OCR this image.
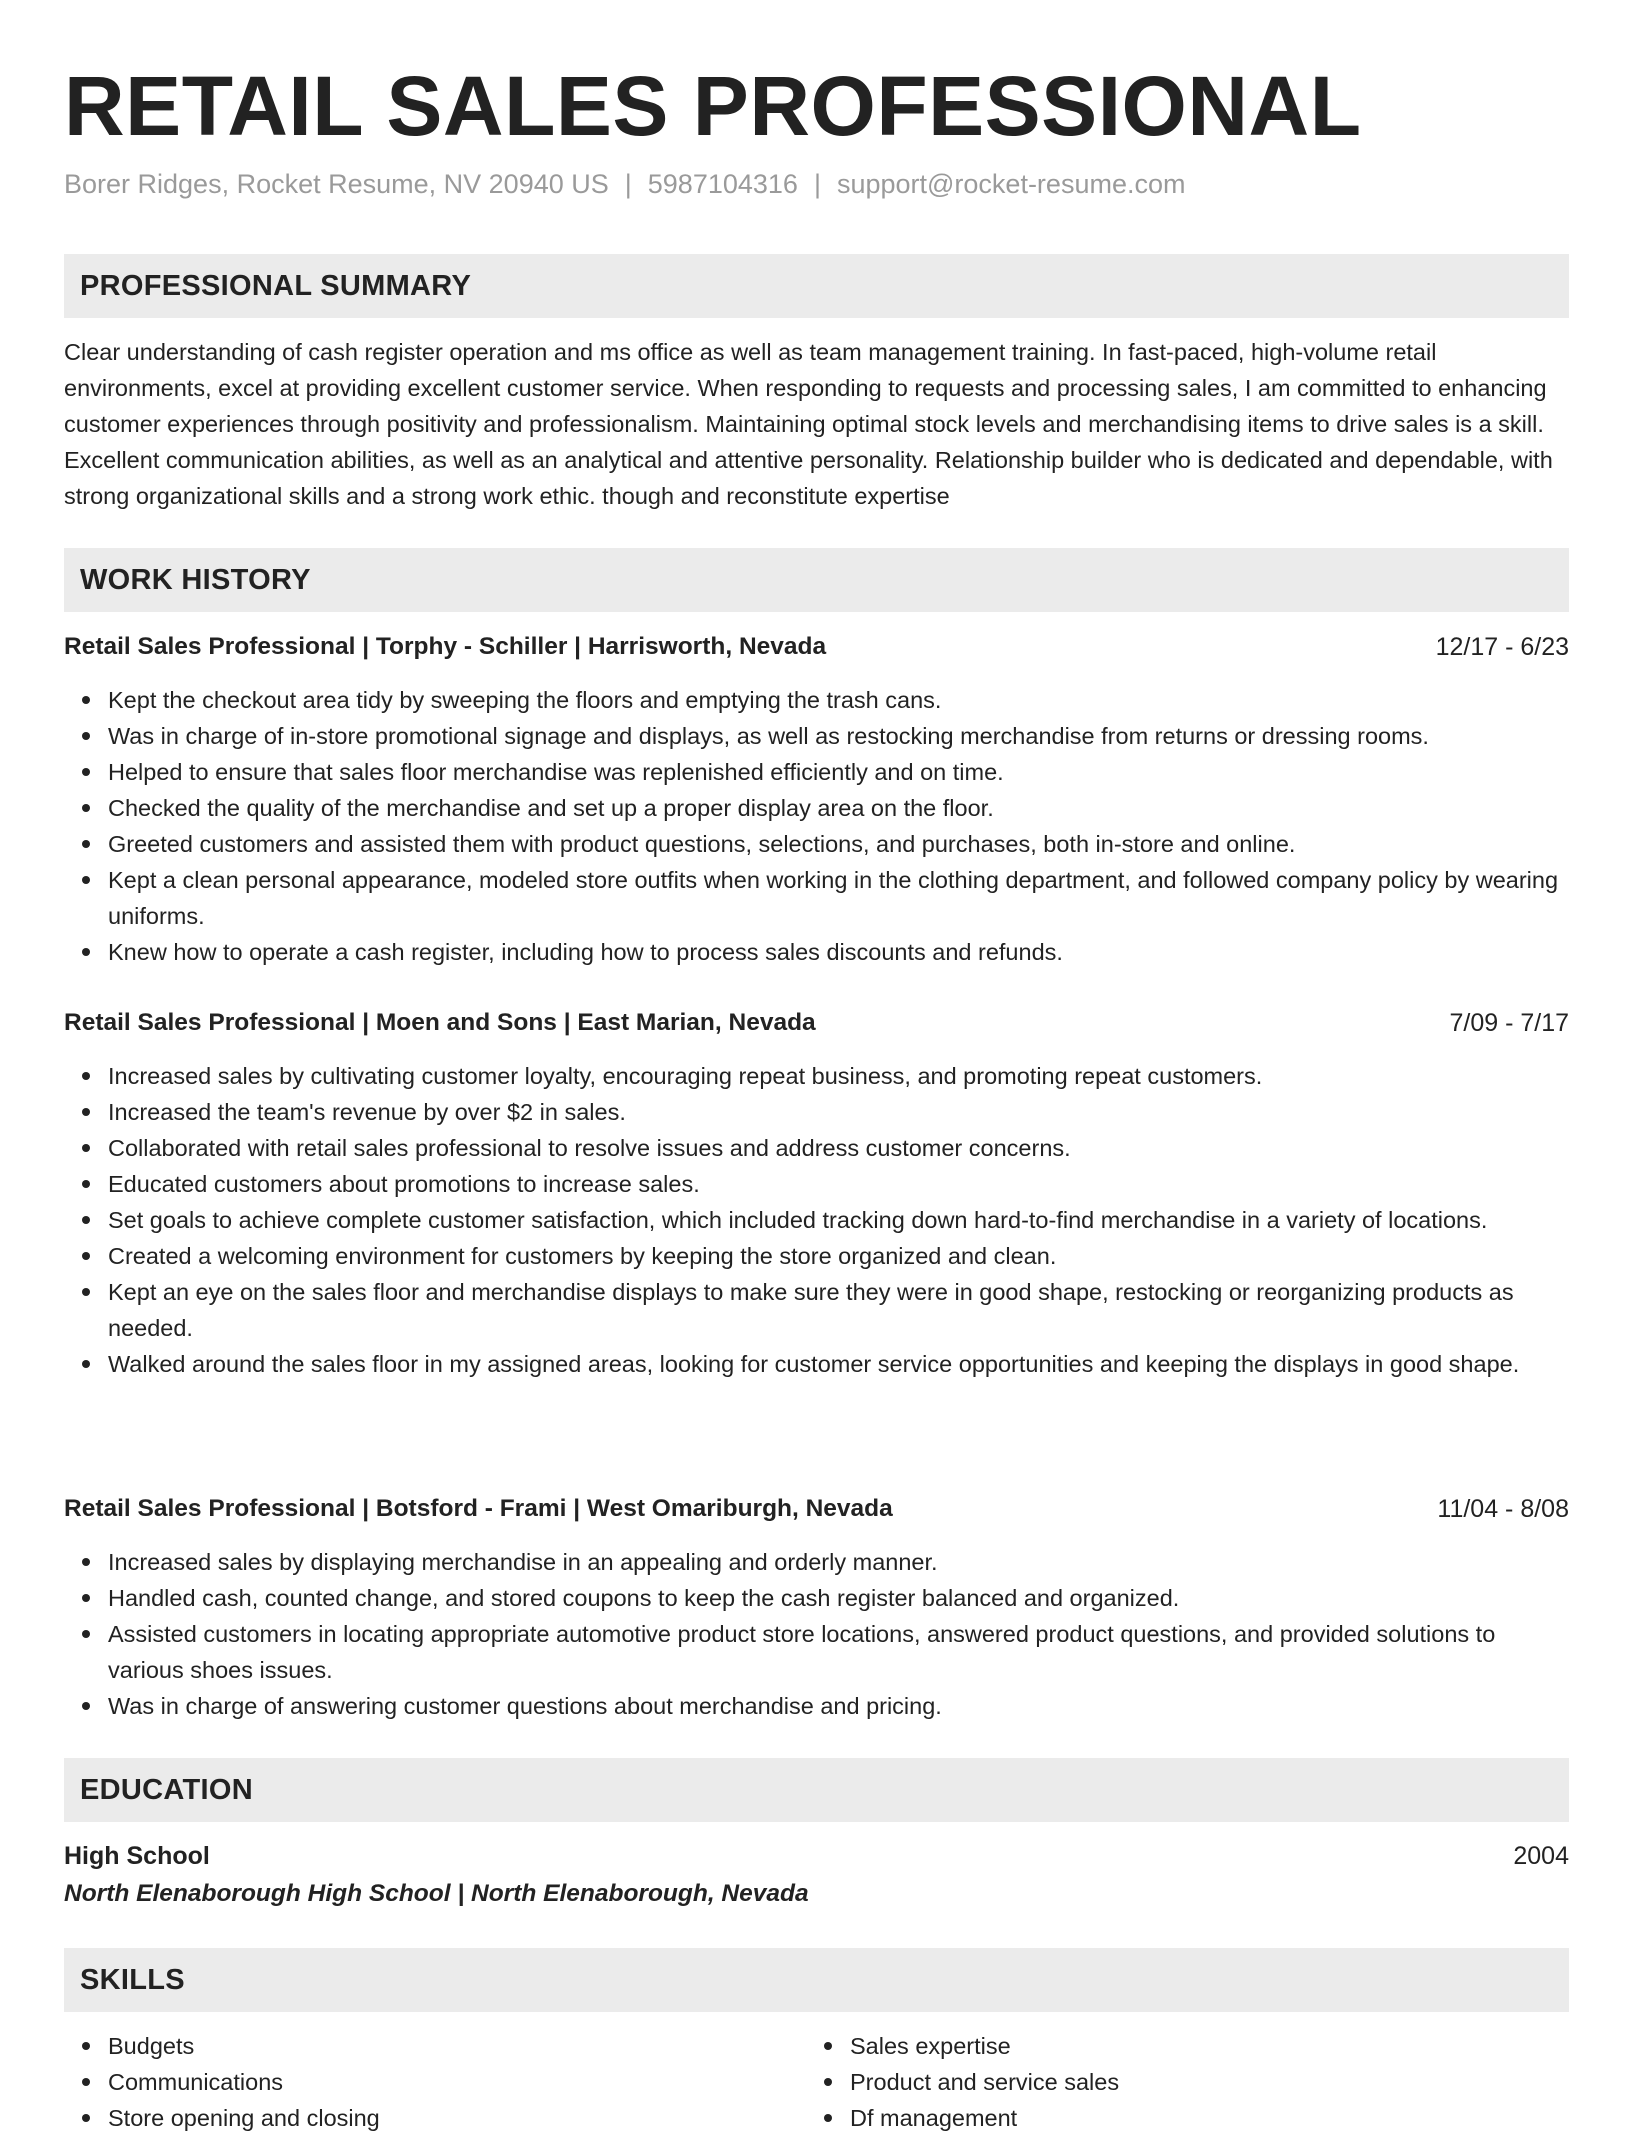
RETAIL SALES PROFESSIONAL
Borer Ridges, Rocket Resume, NV 20940 US | 5987104316 | support@rocket-resume.com
PROFESSIONAL SUMMARY

Clear understanding of cash register operation and ms office as well as team management training. In fast-paced, high-volume retail environments, excel at providing excellent customer service. When responding to requests and processing sales, I am committed to enhancing customer experiences through positivity and professionalism. Maintaining optimal stock levels and merchandising items to drive sales is a skill. Excellent communication abilities, as well as an analytical and attentive personality. Relationship builder who is dedicated and dependable, with strong organizational skills and a strong work ethic. though and reconstitute expertise

WORK HISTORY
Retail Sales Professional | Torphy - Schiller | Harrisworth, Nevada	12/17 - 6/23
Kept the checkout area tidy by sweeping the floors and emptying the trash cans.
Was in charge of in-store promotional signage and displays, as well as restocking merchandise from returns or dressing rooms.
Helped to ensure that sales floor merchandise was replenished efficiently and on time.
Checked the quality of the merchandise and set up a proper display area on the floor.
Greeted customers and assisted them with product questions, selections, and purchases, both in-store and online.
Kept a clean personal appearance, modeled store outfits when working in the clothing department, and followed company policy by wearing uniforms.
Knew how to operate a cash register, including how to process sales discounts and refunds.
Retail Sales Professional | Moen and Sons | East Marian, Nevada	7/09 - 7/17
Increased sales by cultivating customer loyalty, encouraging repeat business, and promoting repeat customers.
Increased the team's revenue by over $2 in sales.
Collaborated with retail sales professional to resolve issues and address customer concerns.
Educated customers about promotions to increase sales.
Set goals to achieve complete customer satisfaction, which included tracking down hard-to-find merchandise in a variety of locations.
Created a welcoming environment for customers by keeping the store organized and clean.
Kept an eye on the sales floor and merchandise displays to make sure they were in good shape, restocking or reorganizing products as needed.
Walked around the sales floor in my assigned areas, looking for customer service opportunities and keeping the displays in good shape.
Retail Sales Professional | Botsford - Frami | West Omariburgh, Nevada	11/04 - 8/08
Increased sales by displaying merchandise in an appealing and orderly manner.
Handled cash, counted change, and stored coupons to keep the cash register balanced and organized.
Assisted customers in locating appropriate automotive product store locations, answered product questions, and provided solutions to various shoes issues.
Was in charge of answering customer questions about merchandise and pricing.
EDUCATION
High School	2004
North Elenaborough High School | North Elenaborough, Nevada
SKILLS
Budgets
Communications
Store opening and closing
Sales expertise
Product and service sales
Df management
